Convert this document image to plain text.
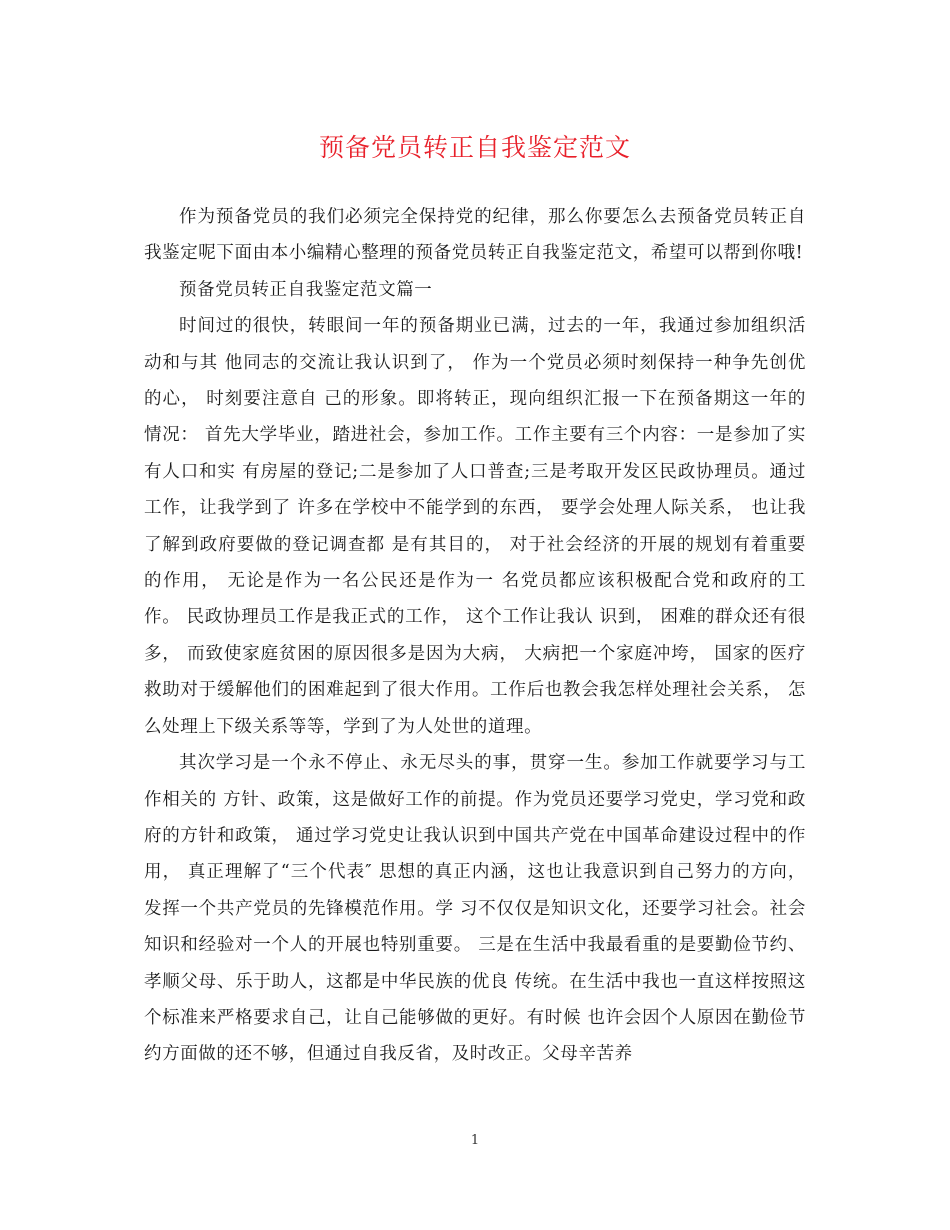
预备党员转正自我鉴定范文

作为预备党员的我们必须完全保持党的纪律，那么你要怎么去预备党员转正自我鉴定呢下面由本小编精心整理的预备党员转正自我鉴定范文，希望可以帮到你哦!

预备党员转正自我鉴定范文篇一

时间过的很快，转眼间一年的预备期业已满，过去的一年，我通过参加组织活动和与其 他同志的交流让我认识到了， 作为一个党员必须时刻保持一种争先创优的心， 时刻要注意自 己的形象。即将转正，现向组织汇报一下在预备期这一年的情况： 首先大学毕业，踏进社会，参加工作。工作主要有三个内容：一是参加了实有人口和实 有房屋的登记;二是参加了人口普查;三是考取开发区民政协理员。通过工作，让我学到了 许多在学校中不能学到的东西， 要学会处理人际关系， 也让我了解到政府要做的登记调查都 是有其目的， 对于社会经济的开展的规划有着重要的作用， 无论是作为一名公民还是作为一 名党员都应该积极配合党和政府的工作。 民政协理员工作是我正式的工作， 这个工作让我认 识到， 困难的群众还有很多， 而致使家庭贫困的原因很多是因为大病， 大病把一个家庭冲垮， 国家的医疗救助对于缓解他们的困难起到了很大作用。工作后也教会我怎样处理社会关系， 怎么处理上下级关系等等，学到了为人处世的道理。

其次学习是一个永不停止、永无尽头的事，贯穿一生。参加工作就要学习与工作相关的 方针、政策，这是做好工作的前提。作为党员还要学习党史，学习党和政府的方针和政策， 通过学习党史让我认识到中国共产党在中国革命建设过程中的作用， 真正理解了“三个代表″ 思想的真正内涵，这也让我意识到自己努力的方向，发挥一个共产党员的先锋模范作用。学 习不仅仅是知识文化，还要学习社会。社会知识和经验对一个人的开展也特别重要。 三是在生活中我最看重的是要勤俭节约、孝顺父母、乐于助人，这都是中华民族的优良 传统。在生活中我也一直这样按照这个标准来严格要求自己，让自己能够做的更好。有时候 也许会因个人原因在勤俭节约方面做的还不够，但通过自我反省，及时改正。父母辛苦养

1
